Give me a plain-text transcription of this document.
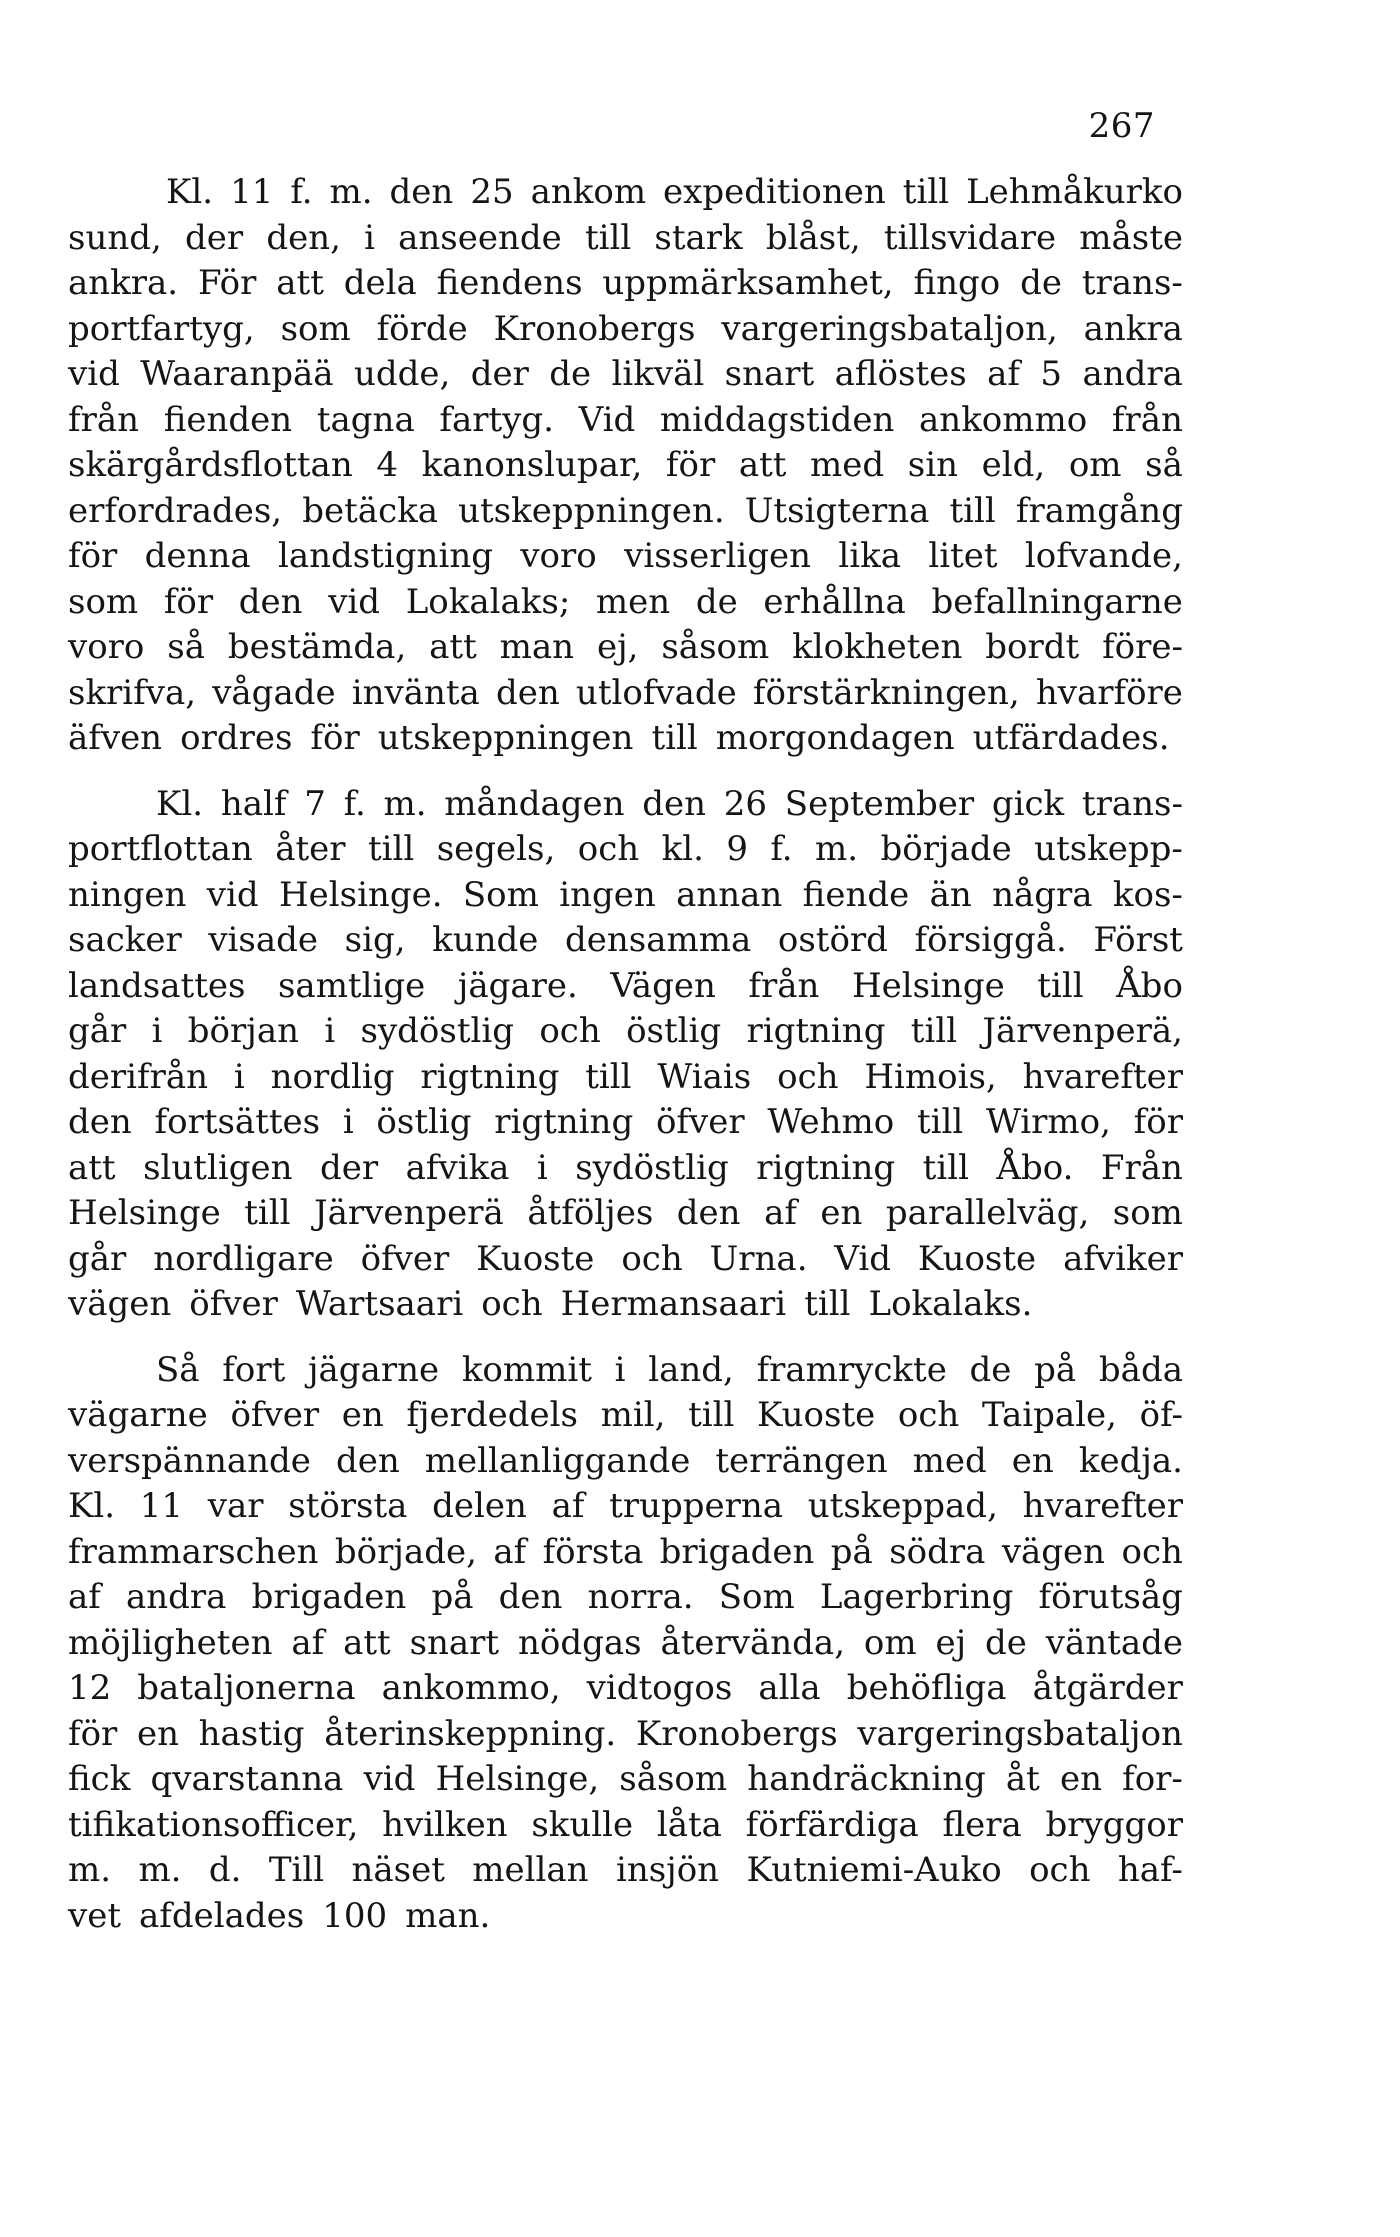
267
Kl. 11 f. m. den 25 ankom expeditionen till Lehmåkurko
sund, der den, i anseende till stark blåst, tillsvidare måste
ankra. För att dela fiendens uppmärksamhet, fingo de trans-
portfartyg, som förde Kronobergs vargeringsbataljon, ankra
vid Waaranpää udde, der de likväl snart aflöstes af 5 andra
från fienden tagna fartyg. Vid middagstiden ankommo från
skärgårdsflottan 4 kanonslupar, för att med sin eld, om så
erfordrades, betäcka utskeppningen. Utsigterna till framgång
för denna landstigning voro visserligen lika litet lofvande,
som för den vid Lokalaks; men de erhållna befallningarne
voro så bestämda, att man ej, såsom klokheten bordt före-
skrifva, vågade invänta den utlofvade förstärkningen, hvarföre
äfven ordres för utskeppningen till morgondagen utfärdades.
Kl. half 7 f. m. måndagen den 26 September gick trans-
portflottan åter till segels, och kl. 9 f. m. började utskepp-
ningen vid Helsinge. Som ingen annan fiende än några kos-
sacker visade sig, kunde densamma ostörd försiggå. Först
landsattes samtlige jägare. Vägen från Helsinge till Åbo
går i början i sydöstlig och östlig rigtning till Järvenperä,
derifrån i nordlig rigtning till Wiais och Himois, hvarefter
den fortsättes i östlig rigtning öfver Wehmo till Wirmo, för
att slutligen der afvika i sydöstlig rigtning till Åbo. Från
Helsinge till Järvenperä åtföljes den af en parallelväg, som
går nordligare öfver Kuoste och Urna. Vid Kuoste afviker
vägen öfver Wartsaari och Hermansaari till Lokalaks.
Så fort jägarne kommit i land, framryckte de på båda
vägarne öfver en fjerdedels mil, till Kuoste och Taipale, öf-
verspännande den mellanliggande terrängen med en kedja.
Kl. 11 var största delen af trupperna utskeppad, hvarefter
frammarschen började, af första brigaden på södra vägen och
af andra brigaden på den norra. Som Lagerbring förutsåg
möjligheten af att snart nödgas återvända, om ej de väntade
12 bataljonerna ankommo, vidtogos alla behöfliga åtgärder
för en hastig återinskeppning. Kronobergs vargeringsbataljon
fick qvarstanna vid Helsinge, såsom handräckning åt en for-
tifikationsofficer, hvilken skulle låta förfärdiga flera bryggor
m. m. d. Till näset mellan insjön Kutniemi-Auko och haf-
vet afdelades 100 man.
